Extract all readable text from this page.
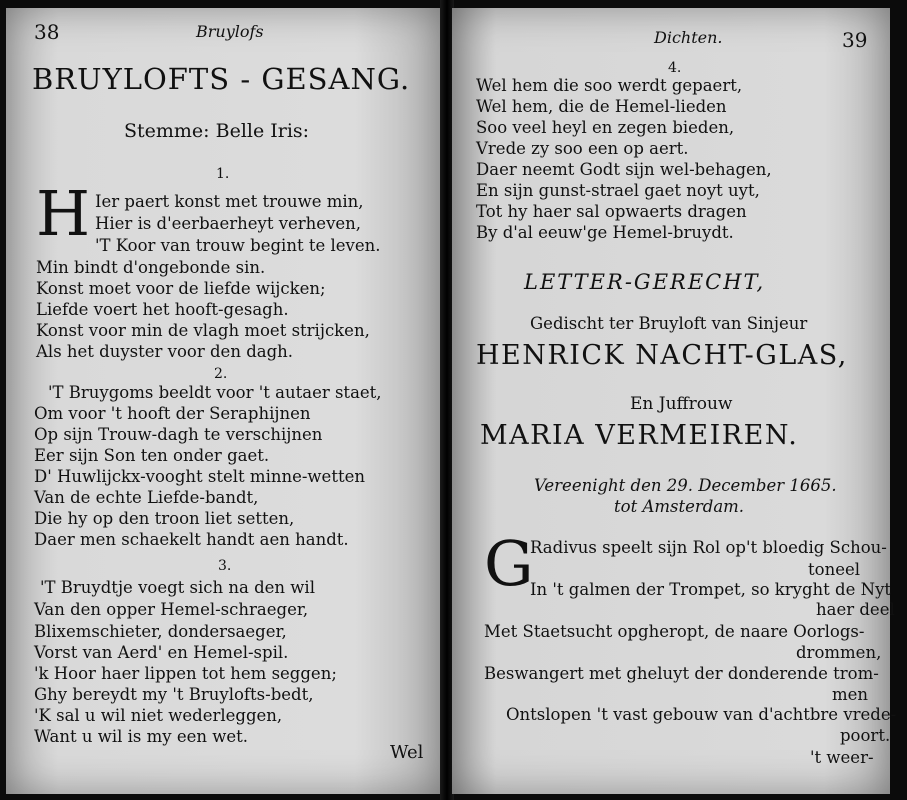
38	Bruylofs
BRUYLOFTS - GESANG.
Stemme: Belle Iris:
1.
H Ier paert konst met trouwe min,
Hier is d'eerbaerheyt verheven,
'T Koor van trouw begint te leven.
Min bindt d'ongebonde sin.
Konst moet voor de liefde wijcken;
Liefde voert het hooft-gesagh.
Konst voor min de vlagh moet strijcken,
Als het duyster voor den dagh.
2.
'T Bruygoms beeldt voor 't autaer staet,
Om voor 't hooft der Seraphijnen
Op sijn Trouw-dagh te verschijnen
Eer sijn Son ten onder gaet.
D' Huwlijckx-vooght stelt minne-wetten
Van de echte Liefde-bandt,
Die hy op den troon liet setten,
Daer men schaekelt handt aen handt.
3.
'T Bruydtje voegt sich na den wil
Van den opper Hemel-schraeger,
Blixemschieter, dondersaeger,
Vorst van Aerd' en Hemel-spil.
'k Hoor haer lippen tot hem seggen;
Ghy bereydt my 't Bruylofts-bedt,
'K sal u wil niet wederleggen,
Want u wil is my een wet.
Wel
Dichten.	39
4.
Wel hem die soo werdt gepaert,
Wel hem, die de Hemel-lieden
Soo veel heyl en zegen bieden,
Vrede zy soo een op aert.
Daer neemt Godt sijn wel-behagen,
En sijn gunst-strael gaet noyt uyt,
Tot hy haer sal opwaerts dragen
By d'al eeuw'ge Hemel-bruydt.
LETTER-GERECHT,
Gedischt ter Bruyloft van Sinjeur
HENRICK NACHT-GLAS,
En Juffrouw
MARIA VERMEIREN.
Vereenight den 29. December 1665.
tot Amsterdam.
G
Radivus speelt sijn Rol op't bloedig Schou-
toneel
In 't galmen der Trompet, so kryght de Nyt
haer deel
Met Staetsucht opgheropt, de naare Oorlogs-
drommen,
Beswangert met gheluyt der donderende trom-
men
Ontslopen 't vast gebouw van d'achtbre vrede-
poort.
't weer-
